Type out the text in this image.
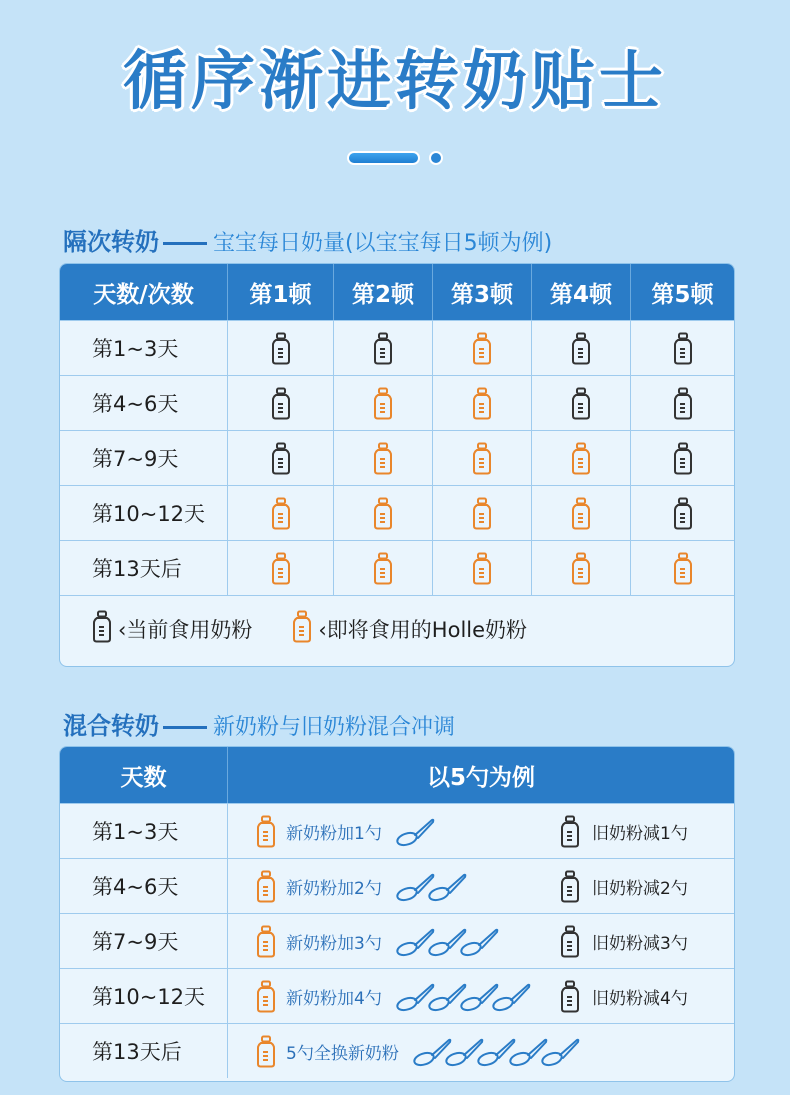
循序渐进转奶贴士
隔次转奶 宝宝每日奶量(以宝宝每日5顿为例)
天数/次数	第1顿	第2顿	第3顿	第4顿	第5顿
第1~3天
第4~6天
第7~9天
第10~12天
第13天后
‹当前食用奶粉	‹即将食用的Holle奶粉
混合转奶 新奶粉与旧奶粉混合冲调
天数	以5勺为例
第1~3天	新奶粉加1勺	旧奶粉减1勺
第4~6天	新奶粉加2勺	旧奶粉减2勺
第7~9天	新奶粉加3勺	旧奶粉减3勺
第10~12天	新奶粉加4勺	旧奶粉减4勺
第13天后	5勺全换新奶粉
